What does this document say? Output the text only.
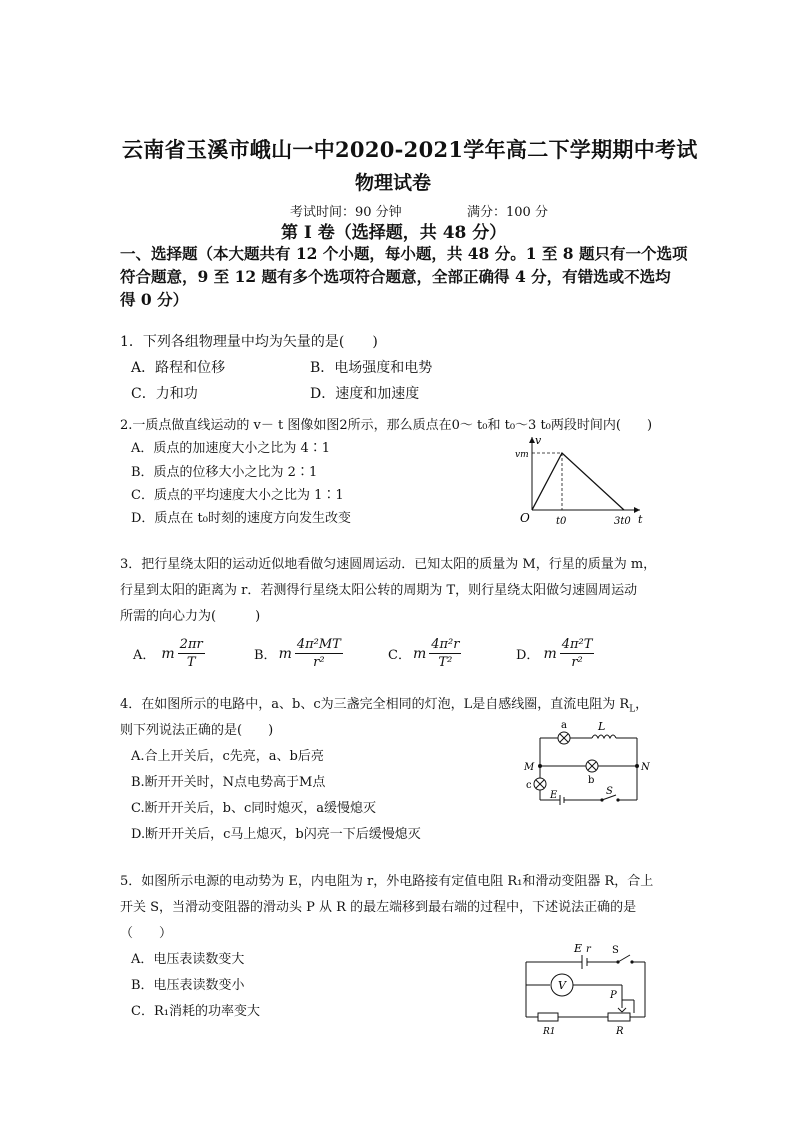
云南省玉溪市峨山一中2020-2021学年高二下学期期中考试
物理试卷
考试时间：90 分钟	满分：100 分
第 I 卷（选择题，共 48 分）
一、选择题（本大题共有 12 个小题，每小题，共 48 分。1 至 8 题只有一个选项
符合题意，9 至 12 题有多个选项符合题意，全部正确得 4 分，有错选或不选均
得 0 分）
1．下列各组物理量中均为矢量的是(　　)
A．路程和位移	B．电场强度和电势
C．力和功	D．速度和加速度
2.一质点做直线运动的 v－ t 图像如图2所示，那么质点在0～ t₀和 t₀～3 t₀两段时间内(　　)
A．质点的加速度大小之比为 4∶1
B．质点的位移大小之比为 2∶1
C．质点的平均速度大小之比为 1∶1
D．质点在 t₀时刻的速度方向发生改变
v
vm
O	t0	3t0 t
3．把行星绕太阳的运动近似地看做匀速圆周运动．已知太阳的质量为 M，行星的质量为 m，
行星到太阳的距离为 r．若测得行星绕太阳公转的周期为 T，则行星绕太阳做匀速圆周运动
所需的向心力为(　　　)
A． m $\frac{2\pi r}{T}$	B． m $\frac{\text{4π²MT}}{\text{r²}}$	C． m $\frac{\text{4π²r}}{\text{T²}}$	D． m $\frac{\text{4π²T}}{\text{r²}}$
4．在如图所示的电路中，a、b、c为三盏完全相同的灯泡，L是自感线圈，直流电阻为 $R_L$，
则下列说法正确的是(　　)
A.合上开关后，c先亮，a、b后亮
B.断开开关时，N点电势高于M点
C.断开开关后，b、c同时熄灭，a缓慢熄灭
D.断开开关后，c马上熄灭，b闪亮一下后缓慢熄灭
a	L
b
M	N
c
E	S
5．如图所示电源的电动势为 E，内电阻为 r，外电路接有定值电阻 R₁和滑动变阻器 R，合上
开关 S，当滑动变阻器的滑动头 P 从 R 的最左端移到最右端的过程中，下述说法正确的是
（　　）
A．电压表读数变大
B．电压表读数变小
C．R₁消耗的功率变大
E r S
V
P
R1	R
